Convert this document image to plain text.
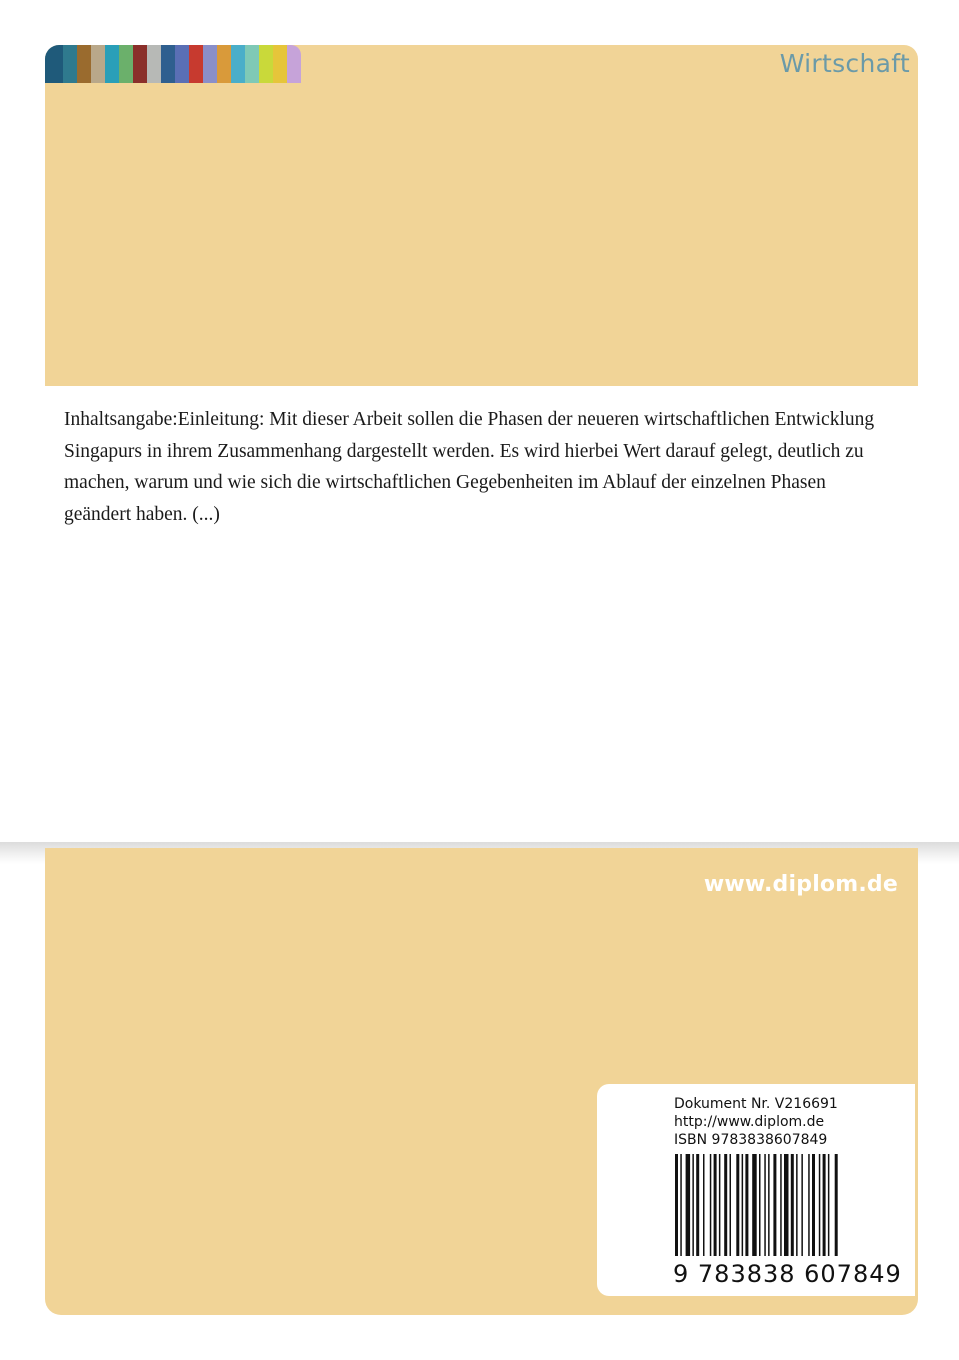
Wirtschaft
Inhaltsangabe:Einleitung: Mit dieser Arbeit sollen die Phasen der neueren wirtschaftlichen Entwicklung Singapurs in ihrem Zusammenhang dargestellt werden. Es wird hierbei Wert darauf gelegt, deutlich zu machen, warum und wie sich die wirtschaftlichen Gegebenheiten im Ablauf der einzelnen Phasen geändert haben. (...)
www.diplom.de
Dokument Nr. V216691
http://www.diplom.de
ISBN 9783838607849
9 783838 607849
